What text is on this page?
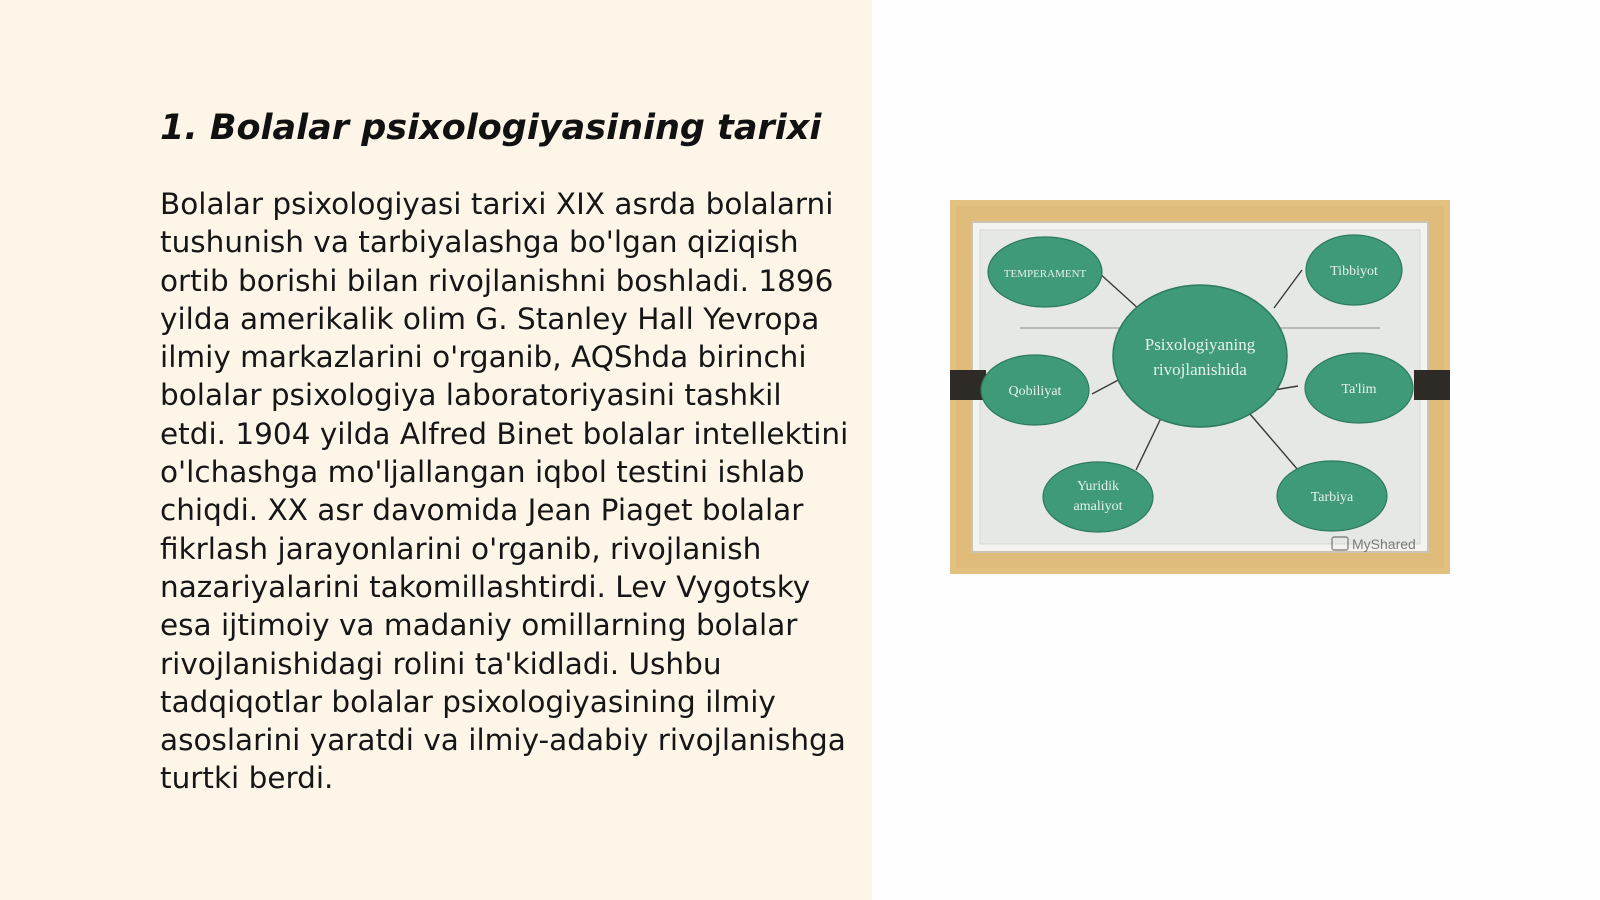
1. Bolalar psixologiyasining tarixi

Bolalar psixologiyasi tarixi XIX asrda bolalarni tushunish va tarbiyalashga bo'lgan qiziqish ortib borishi bilan rivojlanishni boshladi. 1896 yilda amerikalik olim G. Stanley Hall Yevropa ilmiy markazlarini o'rganib, AQShda birinchi bolalar psixologiya laboratoriyasini tashkil etdi. 1904 yilda Alfred Binet bolalar intellektini o'lchashga mo'ljallangan iqbol testini ishlab chiqdi. XX asr davomida Jean Piaget bolalar fikrlash jarayonlarini o'rganib, rivojlanish nazariyalarini takomillashtirdi. Lev Vygotsky esa ijtimoiy va madaniy omillarning bolalar rivojlanishidagi rolini ta'kidladi. Ushbu tadqiqotlar bolalar psixologiyasining ilmiy asoslarini yaratdi va ilmiy-adabiy rivojlanishga turtki berdi.

Psixologiyaning
rivojlanishida
TEMPERAMENT	Tibbiyot
Qobiliyat	Ta'lim
Yuridik
amaliyot
Tarbiya
MyShared
